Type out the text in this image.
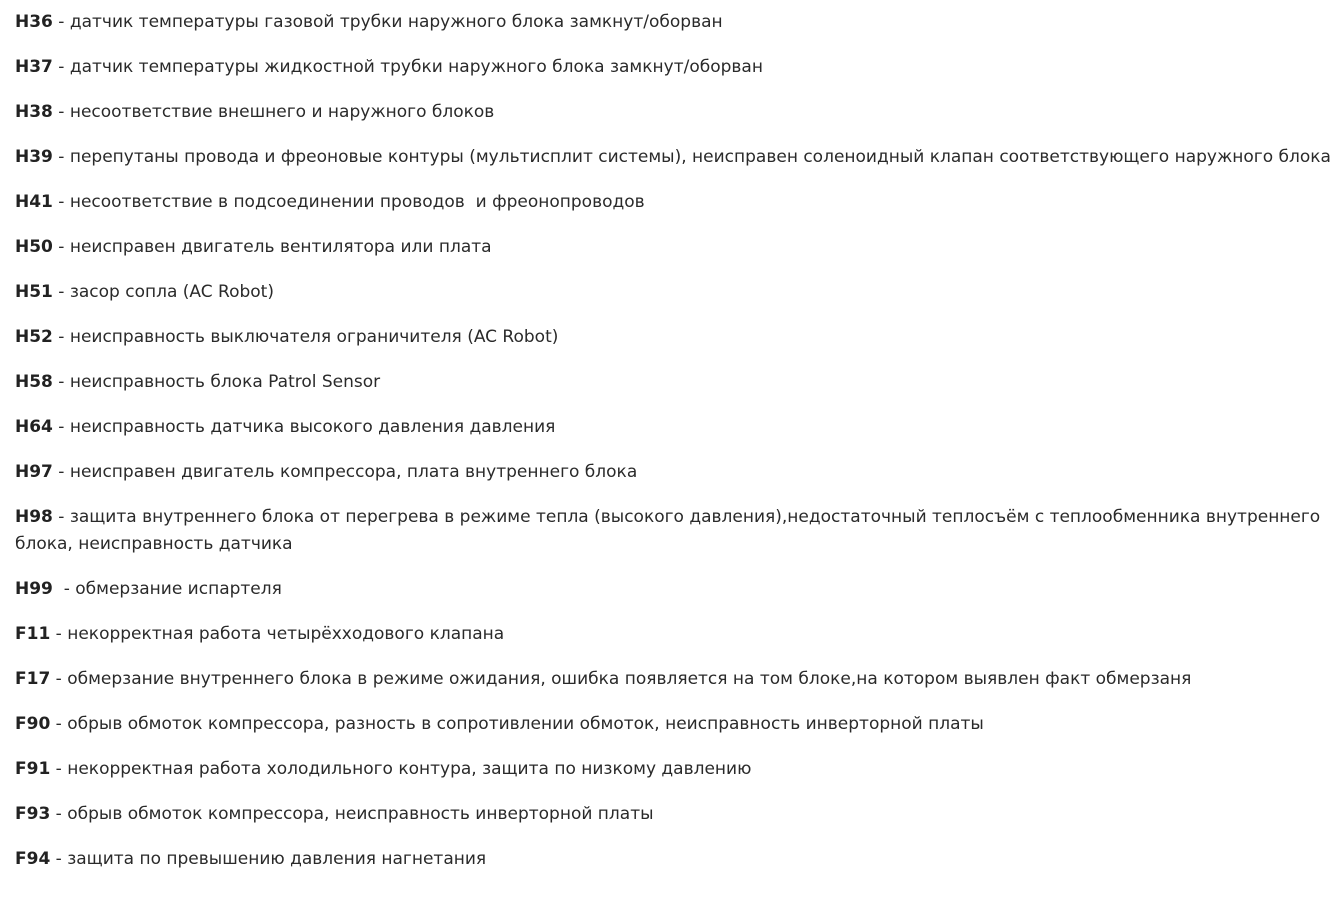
H36 - датчик температуры газовой трубки наружного блока замкнут/оборван

H37 - датчик температуры жидкостной трубки наружного блока замкнут/оборван

H38 - несоответствие внешнего и наружного блоков

H39 - перепутаны провода и фреоновые контуры (мультисплит системы), неисправен соленоидный клапан соответствующего наружного блока

H41 - несоответствие в подсоединении проводов  и фреонопроводов

H50 - неисправен двигатель вентилятора или плата

H51 - засор сопла (AC Robot)

H52 - неисправность выключателя ограничителя (AC Robot)

H58 - неисправность блока Patrol Sensor

H64 - неисправность датчика высокого давления давления

H97 - неисправен двигатель компрессора, плата внутреннего блока

H98 - защита внутреннего блока от перегрева в режиме тепла (высокого давления),недостаточный теплосъём с теплообменника внутреннего блока, неисправность датчика

H99  - обмерзание испартеля

F11 - некорректная работа четырёхходового клапана

F17 - обмерзание внутреннего блока в режиме ожидания, ошибка появляется на том блоке,на котором выявлен факт обмерзаня

F90 - обрыв обмоток компрессора, разность в сопротивлении обмоток, неисправность инверторной платы

F91 - некорректная работа холодильного контура, защита по низкому давлению

F93 - обрыв обмоток компрессора, неисправность инверторной платы

F94 - защита по превышению давления нагнетания
